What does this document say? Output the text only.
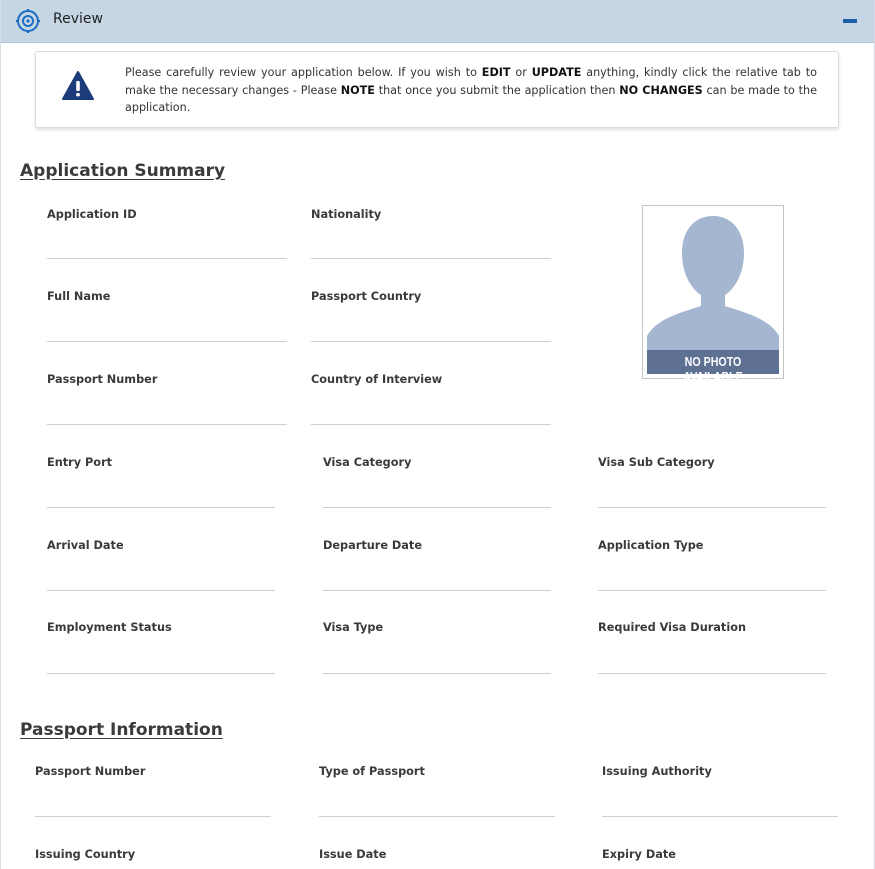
Review
Please carefully review your application below. If you wish to EDIT or UPDATE anything, kindly click the relative tab to make the necessary changes - Please NOTE that once you submit the application then NO CHANGES can be made to the application.
Application Summary
Application ID	Nationality
Full Name	Passport Country
Passport Number	Country of Interview
NO PHOTO AVAILABLE
Entry Port	Visa Category	Visa Sub Category
Arrival Date	Departure Date	Application Type
Employment Status	Visa Type	Required Visa Duration
Passport Information
Passport Number	Type of Passport	Issuing Authority
Issuing Country	Issue Date	Expiry Date
